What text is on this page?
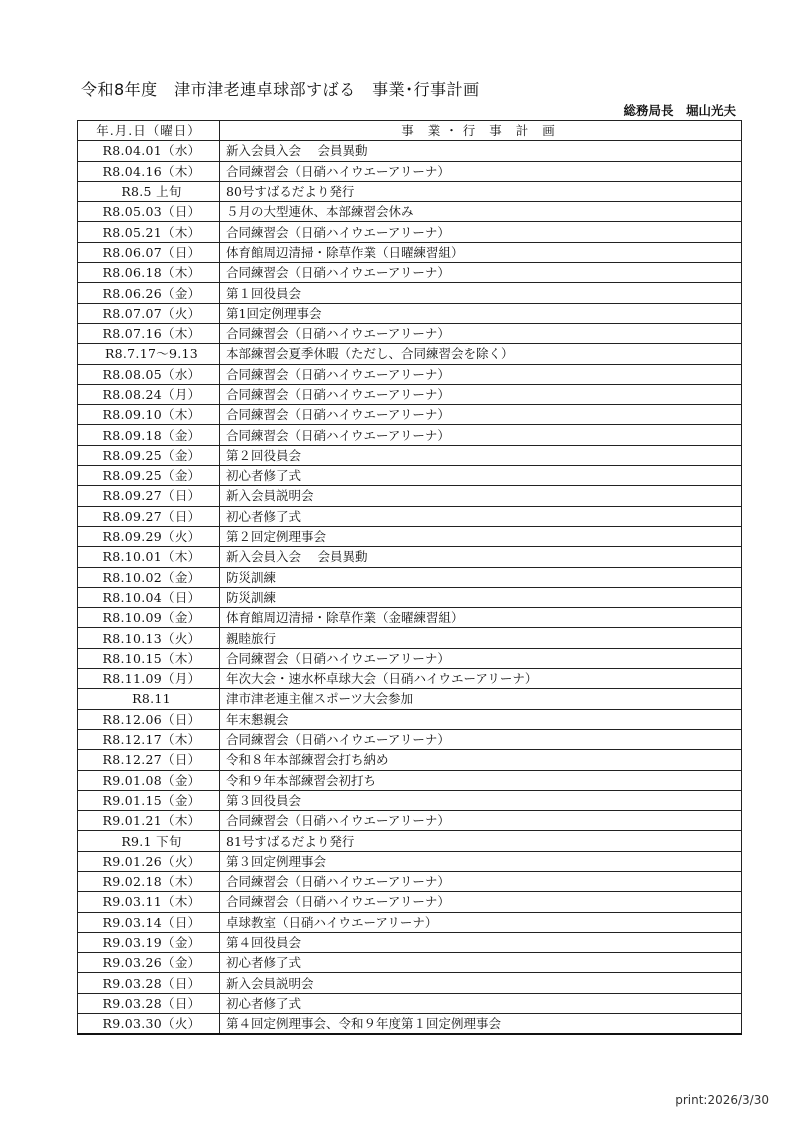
令和8年度　津市津老連卓球部すばる　事業･行事計画
総務局長　堀山光夫
年.月.日（曜日）	事 業・行 事 計 画
R8.04.01（水）	新入会員入会　 会員異動
R8.04.16（木）	合同練習会（日硝ハイウエーアリーナ）
R8.5 上旬	80号すばるだより発行
R8.05.03（日）	５月の大型連休、本部練習会休み
R8.05.21（木）	合同練習会（日硝ハイウエーアリーナ）
R8.06.07（日）	体育館周辺清掃・除草作業（日曜練習組）
R8.06.18（木）	合同練習会（日硝ハイウエーアリーナ）
R8.06.26（金）	第１回役員会
R8.07.07（火）	第1回定例理事会
R8.07.16（木）	合同練習会（日硝ハイウエーアリーナ）
R8.7.17～9.13	本部練習会夏季休暇（ただし、合同練習会を除く）
R8.08.05（水）	合同練習会（日硝ハイウエーアリーナ）
R8.08.24（月）	合同練習会（日硝ハイウエーアリーナ）
R8.09.10（木）	合同練習会（日硝ハイウエーアリーナ）
R8.09.18（金）	合同練習会（日硝ハイウエーアリーナ）
R8.09.25（金）	第２回役員会
R8.09.25（金）	初心者修了式
R8.09.27（日）	新入会員説明会
R8.09.27（日）	初心者修了式
R8.09.29（火）	第２回定例理事会
R8.10.01（木）	新入会員入会　 会員異動
R8.10.02（金）	防災訓練
R8.10.04（日）	防災訓練
R8.10.09（金）	体育館周辺清掃・除草作業（金曜練習組）
R8.10.13（火）	親睦旅行
R8.10.15（木）	合同練習会（日硝ハイウエーアリーナ）
R8.11.09（月）	年次大会・速水杯卓球大会（日硝ハイウエーアリーナ）
R8.11	津市津老連主催スポーツ大会参加
R8.12.06（日）	年末懇親会
R8.12.17（木）	合同練習会（日硝ハイウエーアリーナ）
R8.12.27（日）	令和８年本部練習会打ち納め
R9.01.08（金）	令和９年本部練習会初打ち
R9.01.15（金）	第３回役員会
R9.01.21（木）	合同練習会（日硝ハイウエーアリーナ）
R9.1 下旬	81号すばるだより発行
R9.01.26（火）	第３回定例理事会
R9.02.18（木）	合同練習会（日硝ハイウエーアリーナ）
R9.03.11（木）	合同練習会（日硝ハイウエーアリーナ）
R9.03.14（日）	卓球教室（日硝ハイウエーアリーナ）
R9.03.19（金）	第４回役員会
R9.03.26（金）	初心者修了式
R9.03.28（日）	新入会員説明会
R9.03.28（日）	初心者修了式
R9.03.30（火）	第４回定例理事会、令和９年度第１回定例理事会
print:2026/3/30
